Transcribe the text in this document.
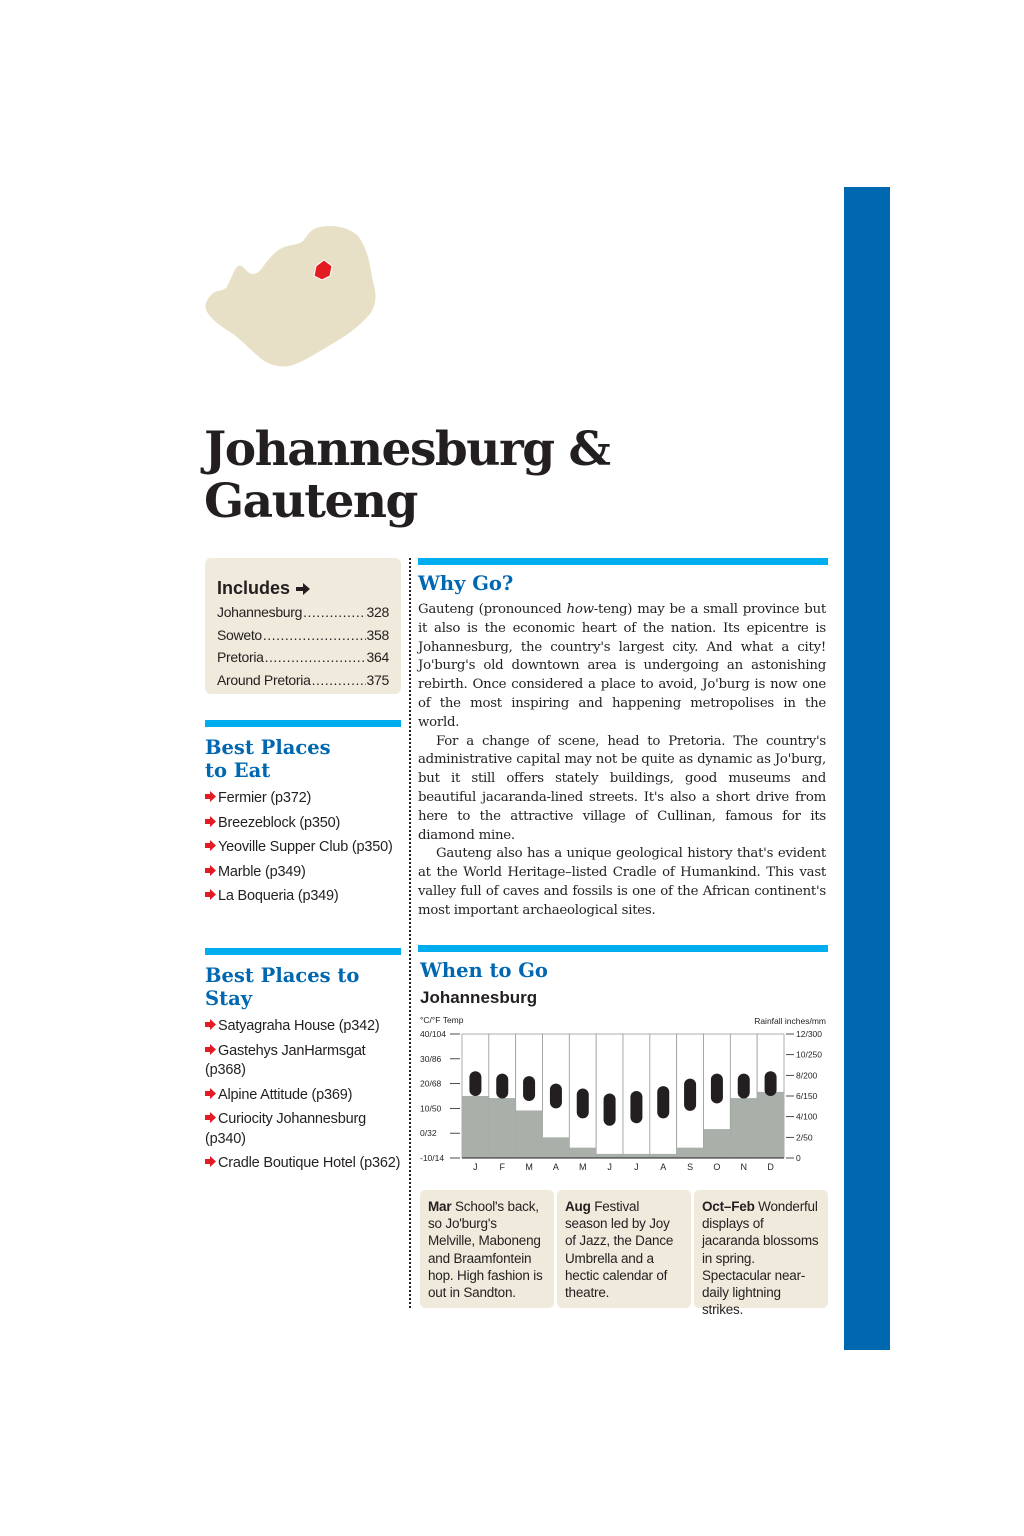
Johannesburg &
Gauteng
Includes
Johannesburg .....	328
Soweto .....	358
Pretoria .....	364
Around Pretoria .....	375
Best Places
to Eat
Fermier (p372)
Breezeblock (p350)
Yeoville Supper Club (p350)
Marble (p349)
La Boqueria (p349)
Best Places to
Stay
Satyagraha House (p342)
Gastehys JanHarmsgat (p368)
Alpine Attitude (p369)
Curiocity Johannesburg (p340)
Cradle Boutique Hotel (p362)
Why Go?

Gauteng (pronounced how-teng) may be a small province but it also is the economic heart of the nation. Its epicentre is Johannesburg, the country's largest city. And what a city! Jo'burg's old downtown area is undergoing an astonishing rebirth. Once considered a place to avoid, Jo'burg is now one of the most inspiring and happening metropolises in the world.

For a change of scene, head to Pretoria. The country's administrative capital may not be quite as dynamic as Jo'burg, but it still offers stately buildings, good museums and beautiful jacaranda-lined streets. It's also a short drive from here to the attractive village of Cullinan, famous for its diamond mine.

Gauteng also has a unique geological history that's evident at the World Heritage–listed Cradle of Humankind. This vast valley full of caves and fossils is one of the African continent's most important archaeological sites.

When to Go
Johannesburg
40/104
30/86
20/68
10/50
0/32
-10/14
12/300
10/250
8/200
6/150
4/100
2/50
0
°C/°F Temp	Rainfall inches/mm
J F M A M J J A S O N D
Mar School's back, so Jo'burg's Melville, Maboneng and Braamfontein hop. High fashion is out in Sandton.
Aug Festival season led by Joy of Jazz, the Dance Umbrella and a hectic calendar of theatre.
Oct–Feb Wonderful displays of jacaranda blossoms in spring. Spectacular near-daily lightning strikes.
